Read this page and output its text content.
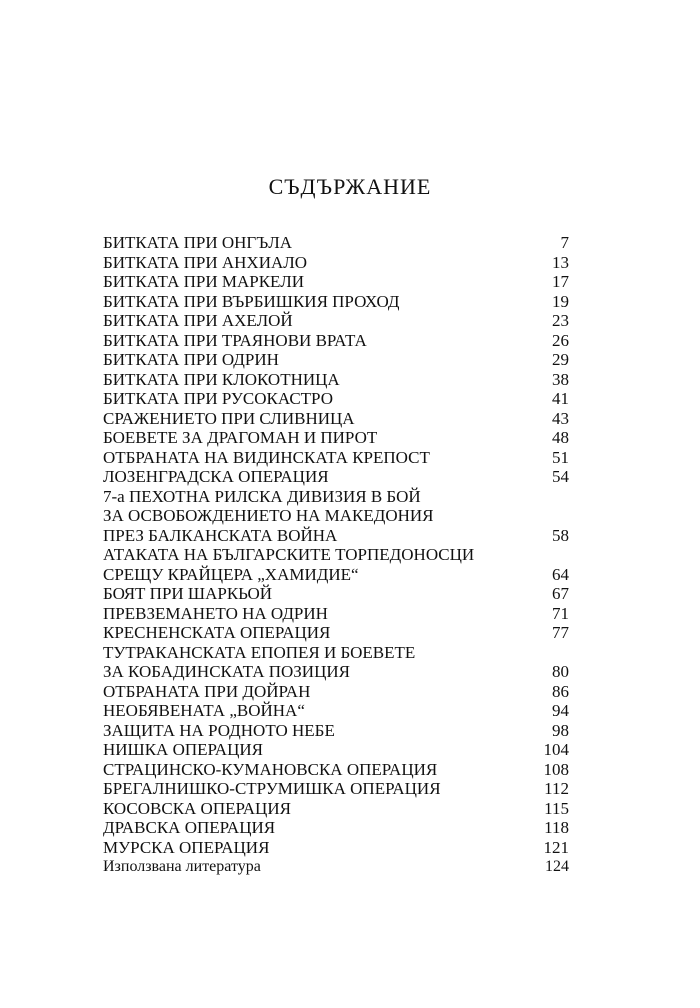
СЪДЪРЖАНИЕ
БИТКАТА ПРИ ОНГЪЛА	7
БИТКАТА ПРИ АНХИАЛО	13
БИТКАТА ПРИ МАРКЕЛИ	17
БИТКАТА ПРИ ВЪРБИШКИЯ ПРОХОД	19
БИТКАТА ПРИ АХЕЛОЙ	23
БИТКАТА ПРИ ТРАЯНОВИ ВРАТА	26
БИТКАТА ПРИ ОДРИН	29
БИТКАТА ПРИ КЛОКОТНИЦА	38
БИТКАТА ПРИ РУСОКАСТРО	41
СРАЖЕНИЕТО ПРИ СЛИВНИЦА	43
БОЕВЕТЕ ЗА ДРАГОМАН И ПИРОТ	48
ОТБРАНАТА НА ВИДИНСКАТА КРЕПОСТ	51
ЛОЗЕНГРАДСКА ОПЕРАЦИЯ	54
7-а ПЕХОТНА РИЛСКА ДИВИЗИЯ В БОЙ
ЗА ОСВОБОЖДЕНИЕТО НА МАКЕДОНИЯ
ПРЕЗ БАЛКАНСКАТА ВОЙНА	58
АТАКАТА НА БЪЛГАРСКИТЕ ТОРПЕДОНОСЦИ
СРЕЩУ КРАЙЦЕРА „ХАМИДИЕ“	64
БОЯТ ПРИ ШАРКЬОЙ	67
ПРЕВЗЕМАНЕТО НА ОДРИН	71
КРЕСНЕНСКАТА ОПЕРАЦИЯ	77
ТУТРАКАНСКАТА ЕПОПЕЯ И БОЕВЕТЕ
ЗА КОБАДИНСКАТА ПОЗИЦИЯ	80
ОТБРАНАТА ПРИ ДОЙРАН	86
НЕОБЯВЕНАТА „ВОЙНА“	94
ЗАЩИТА НА РОДНОТО НЕБЕ	98
НИШКА ОПЕРАЦИЯ	104
СТРАЦИНСКО-КУМАНОВСКА ОПЕРАЦИЯ	108
БРЕГАЛНИШКО-СТРУМИШКА ОПЕРАЦИЯ	112
КОСОВСКА ОПЕРАЦИЯ	115
ДРАВСКА ОПЕРАЦИЯ	118
МУРСКА ОПЕРАЦИЯ	121
Използвана литература	124
